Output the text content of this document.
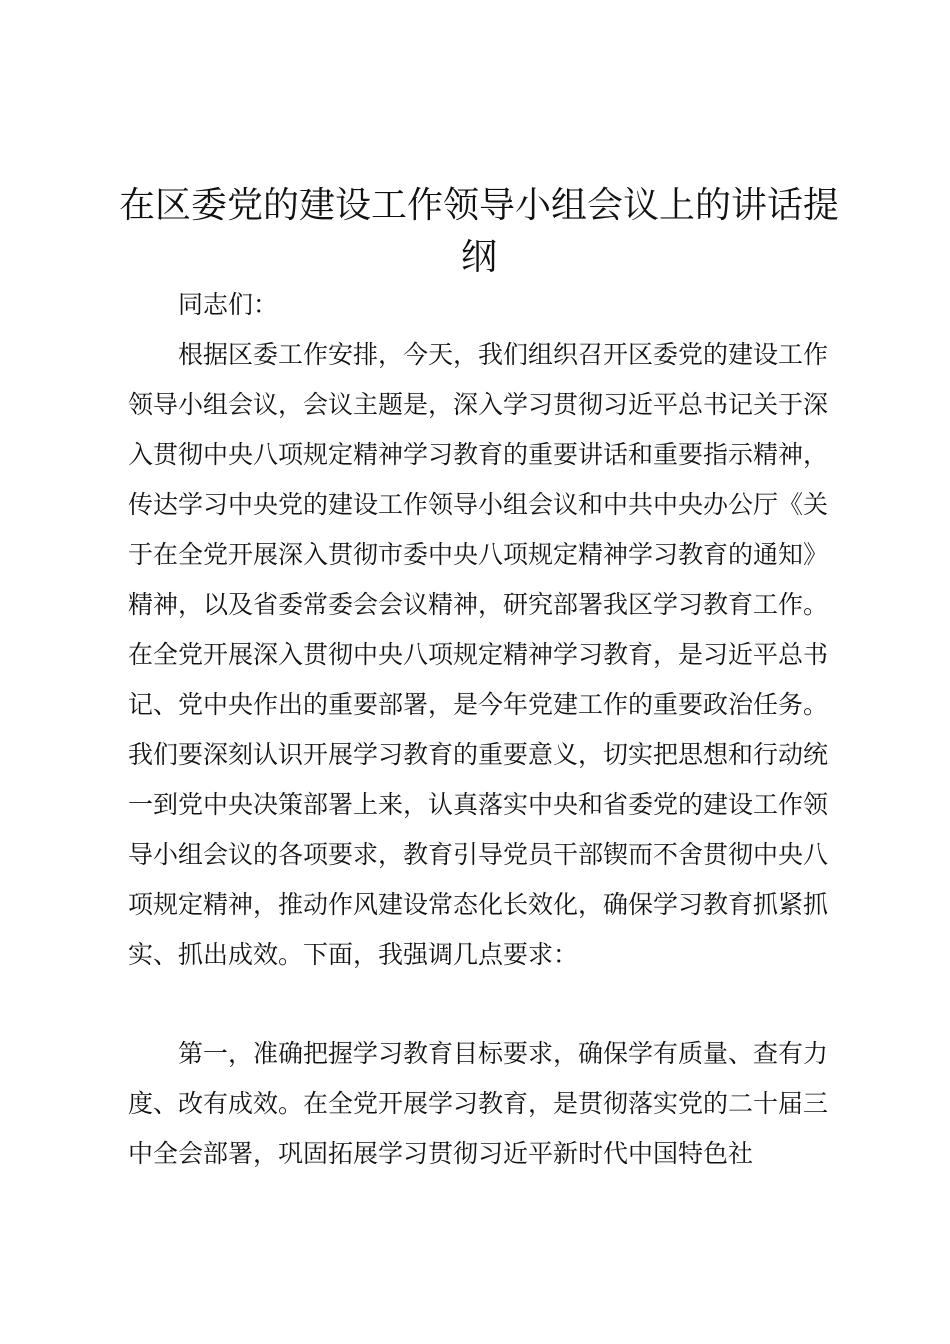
在区委党的建设工作领导小组会议上的讲话提纲

同志们：

根据区委工作安排，今天，我们组织召开区委党的建设工作领导小组会议，会议主题是，深入学习贯彻习近平总书记关于深入贯彻中央八项规定精神学习教育的重要讲话和重要指示精神，传达学习中央党的建设工作领导小组会议和中共中央办公厅《关于在全党开展深入贯彻市委中央八项规定精神学习教育的通知》精神，以及省委常委会会议精神，研究部署我区学习教育工作。在全党开展深入贯彻中央八项规定精神学习教育，是习近平总书记、党中央作出的重要部署，是今年党建工作的重要政治任务。我们要深刻认识开展学习教育的重要意义，切实把思想和行动统一到党中央决策部署上来，认真落实中央和省委党的建设工作领导小组会议的各项要求，教育引导党员干部锲而不舍贯彻中央八项规定精神，推动作风建设常态化长效化，确保学习教育抓紧抓实、抓出成效。下面，我强调几点要求：

第一，准确把握学习教育目标要求，确保学有质量、查有力度、改有成效。在全党开展学习教育，是贯彻落实党的二十届三中全会部署，巩固拓展学习贯彻习近平新时代中国特色社
